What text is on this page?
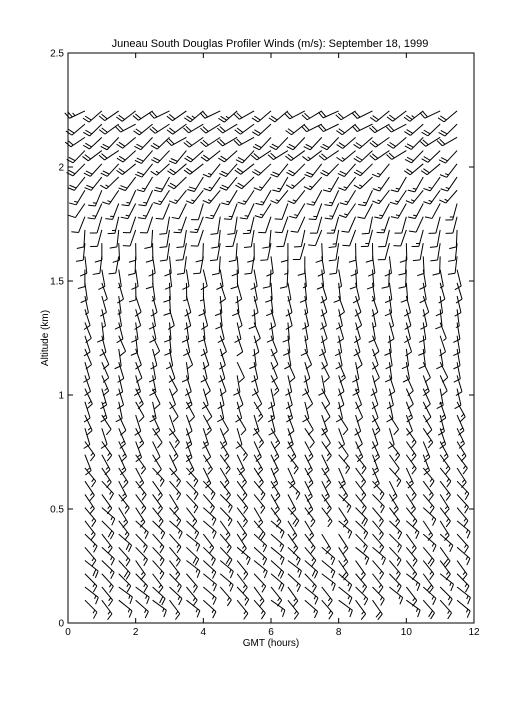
Juneau South Douglas Profiler Winds (m/s): September 18, 1999
0	2	4	6	8	10	12
0
0.5
1
1.5
2
2.5
GMT (hours)
Altitude (km)
